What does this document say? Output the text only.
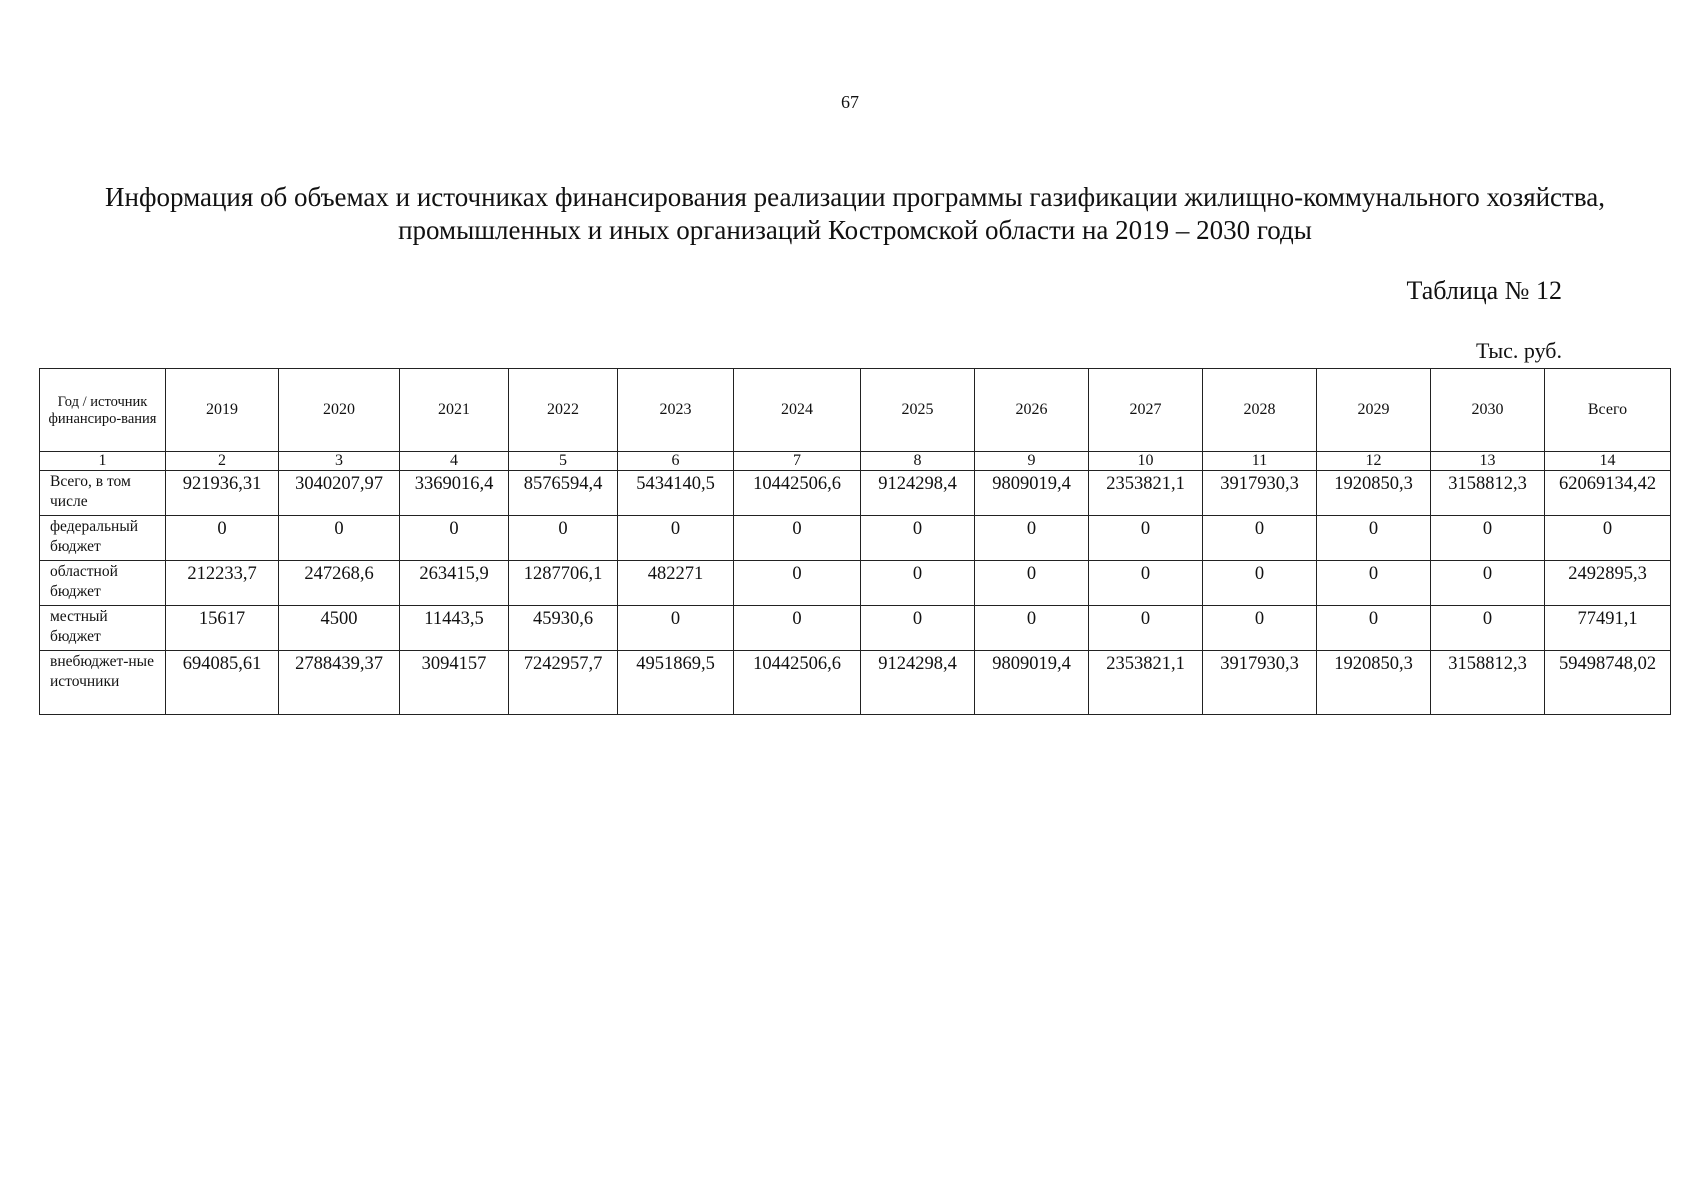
67
Информация об объемах и источниках финансирования реализации программы газификации жилищно-коммунального хозяйства, промышленных и иных организаций Костромской области на 2019 – 2030 годы
Таблица № 12
Тыс. руб.
Год / источник финансиро-вания	2019	2020	2021	2022	2023	2024	2025	2026	2027	2028	2029	2030	Всего
1	2	3	4	5	6	7	8	9	10	11	12	13	14
Всего, в том числе	921936,31	3040207,97	3369016,4	8576594,4	5434140,5	10442506,6	9124298,4	9809019,4	2353821,1	3917930,3	1920850,3	3158812,3	62069134,42
федеральный бюджет	0	0	0	0	0	0	0	0	0	0	0	0	0
областной бюджет	212233,7	247268,6	263415,9	1287706,1	482271	0	0	0	0	0	0	0	2492895,3
местный бюджет	15617	4500	11443,5	45930,6	0	0	0	0	0	0	0	0	77491,1
внебюджет-ные источники	694085,61	2788439,37	3094157	7242957,7	4951869,5	10442506,6	9124298,4	9809019,4	2353821,1	3917930,3	1920850,3	3158812,3	59498748,02
